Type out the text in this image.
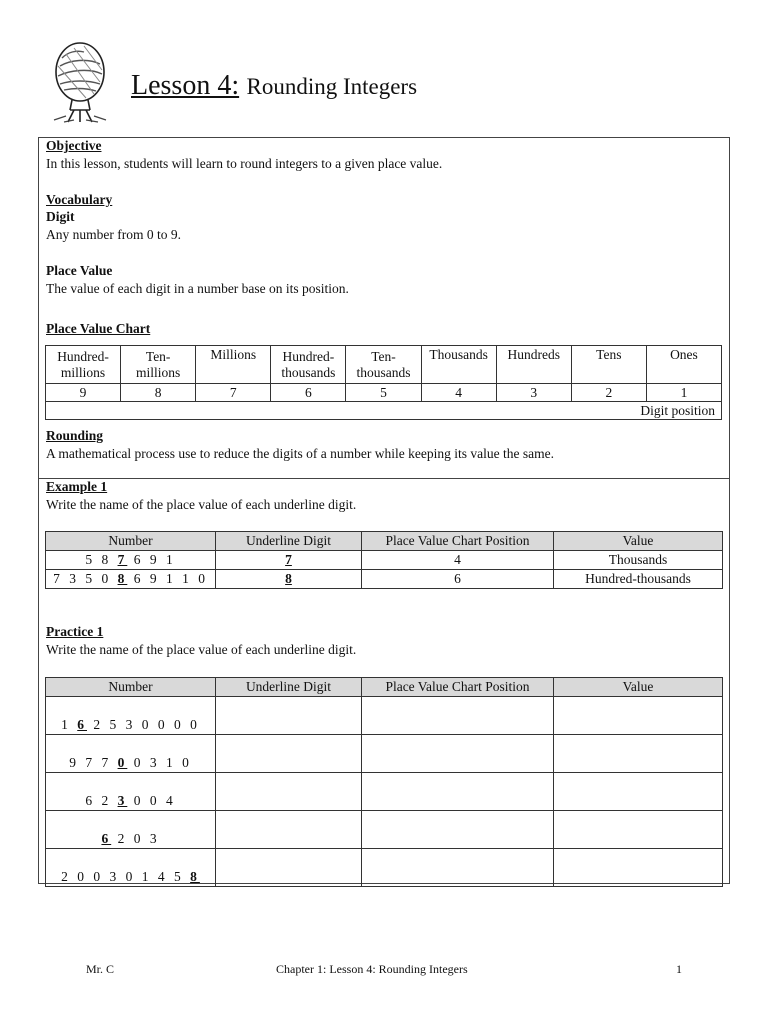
Lesson 4: Rounding Integers
Objective
In this lesson, students will learn to round integers to a given place value.
Vocabulary
Digit
Any number from 0 to 9.
Place Value
The value of each digit in a number base on its position.
Place Value Chart
Hundred-
millions	Ten-
millions	Millions	Hundred-
thousands	Ten-
thousands	Thousands	Hundreds	Tens	Ones
9	8	7	6	5	4	3	2	1
Digit position								
Rounding
A mathematical process use to reduce the digits of a number while keeping its value the same.
Example 1
Write the name of the place value of each underline digit.
Number	Underline Digit	Place Value Chart Position	Value
5 8 7 6 9 1	7	4	Thousands
7 3 5 0 8 6 9 1 1 0	8	6	Hundred-thousands
Practice 1
Write the name of the place value of each underline digit.
Number	Underline Digit	Place Value Chart Position	Value
1 6 2 5 3 0 0 0 0			
9 7 7 0 0 3 1 0			
6 2 3 0 0 4			
6 2 0 3			
2 0 0 3 0 1 4 5 8			
Mr. C	Chapter 1: Lesson 4: Rounding Integers	1
